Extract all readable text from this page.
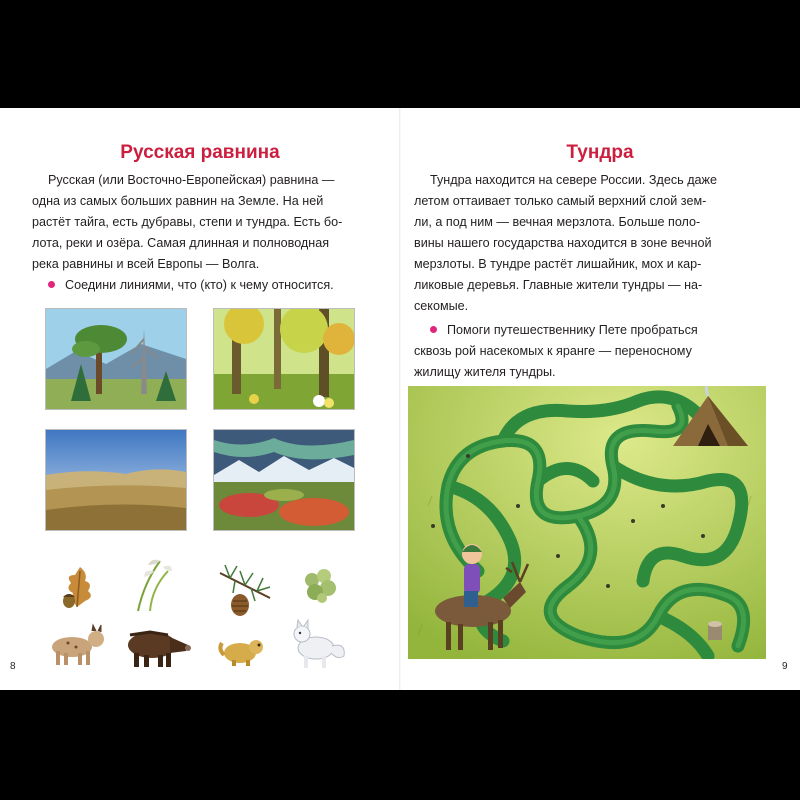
Русская равнина
Русская (или Восточно-Европейская) равнина —
одна из самых больших равнин на Земле. На ней
растёт тайга, есть дубравы, степи и тундра. Есть бо-
лота, реки и озёра. Самая длинная и полноводная
река равнины и всей Европы — Волга.
Соедини линиями, что (кто) к чему относится.
8
Тундра
Тундра находится на севере России. Здесь даже
летом оттаивает только самый верхний слой зем-
ли, а под ним — вечная мерзлота. Больше поло-
вины нашего государства находится в зоне вечной
мерзлоты. В тундре растёт лишайник, мох и кар-
ликовые деревья. Главные жители тундры — на-
секомые.
Помоги путешественнику Пете пробраться
сквозь рой насекомых к яранге — переносному
жилищу жителя тундры.
9
